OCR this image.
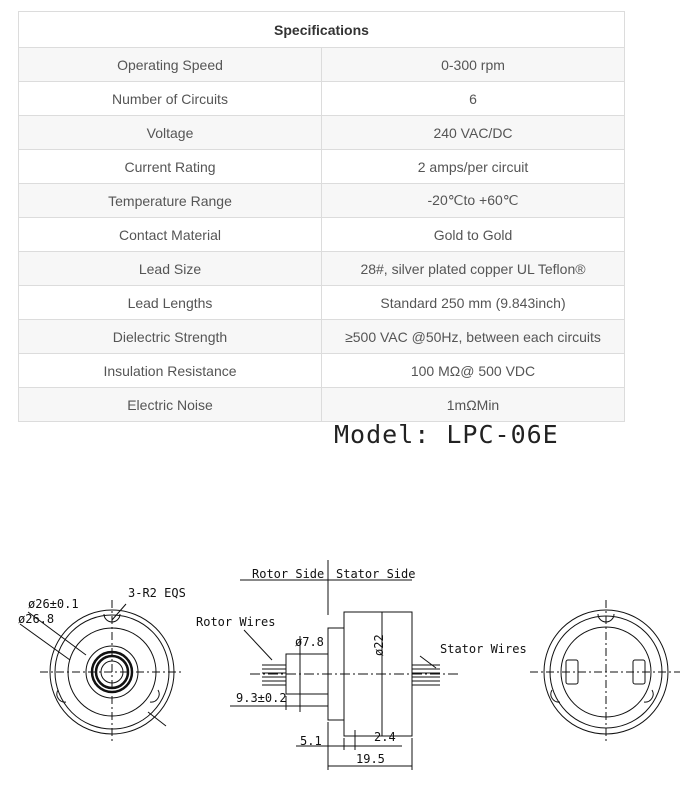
Specifications	
Operating Speed	0-300 rpm
Number of Circuits	6
Voltage	240 VAC/DC
Current Rating	2 amps/per circuit
Temperature Range	-20℃to +60℃
Contact Material	Gold to Gold
Lead Size	28#, silver plated copper UL Teflon®
Lead Lengths	Standard 250 mm (9.843inch)
Dielectric Strength	≥500 VAC @50Hz, between each circuits
Insulation Resistance	100 MΩ@ 500 VDC
Electric Noise	1mΩMin
Model: LPC-06E
ø26±0.1
ø26.8
3-R2 EQS
Rotor Side Stator Side
Rotor Wires
Stator Wires
ø7.8	ø22
9.3±0.2
5.1	2.4
19.5
